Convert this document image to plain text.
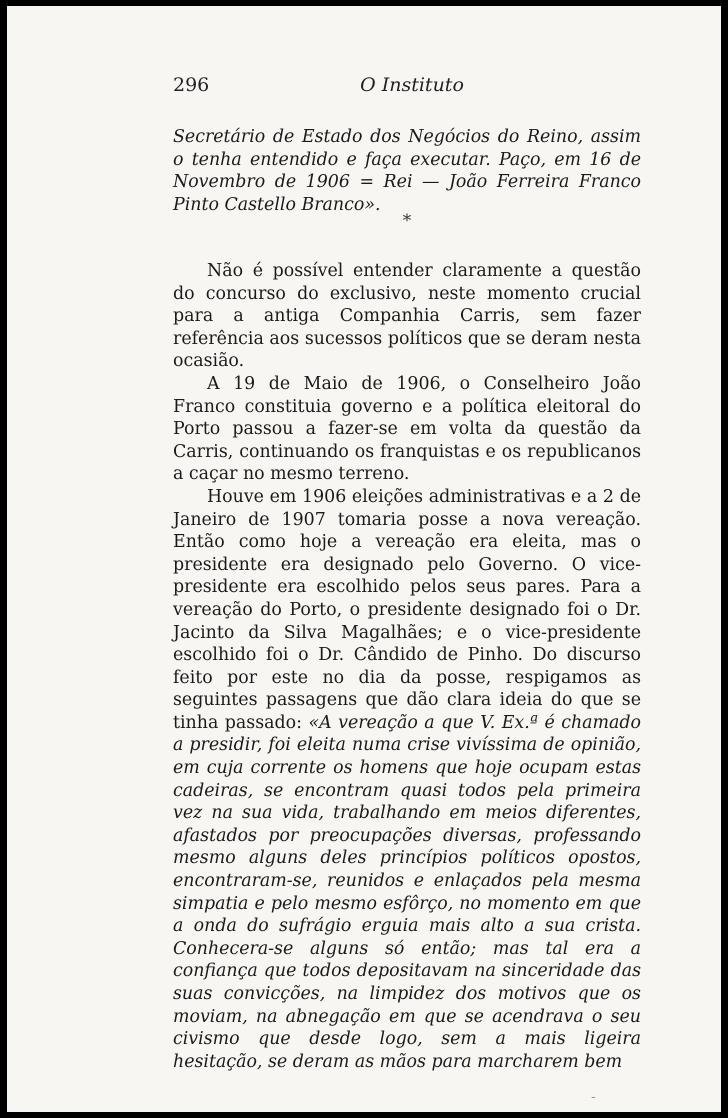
296	O Instituto

Secretário de Estado dos Negócios do Reino, assim o tenha entendido e faça executar. Paço, em 16 de Novembro de 1906 = Rei — João Ferreira Franco Pinto Castello Branco».

*

Não é possível entender claramente a questão do concurso do exclusivo, neste momento crucial para a antiga Companhia Carris, sem fazer referência aos sucessos políticos que se deram nesta ocasião.

A 19 de Maio de 1906, o Conselheiro João Franco constituia governo e a política eleitoral do Porto passou a fazer-se em volta da questão da Carris, continuando os franquistas e os republicanos a caçar no mesmo terreno.

Houve em 1906 eleições administrativas e a 2 de Janeiro de 1907 tomaria posse a nova vereação. Então como hoje a vereação era eleita, mas o presidente era designado pelo Governo. O vice-presidente era escolhido pelos seus pares. Para a vereação do Porto, o presidente designado foi o Dr. Jacinto da Silva Magalhães; e o vice-presidente escolhido foi o Dr. Cândido de Pinho. Do discurso feito por este no dia da posse, respigamos as seguintes passagens que dão clara ideia do que se tinha passado: «A vereação a que V. Ex.ª é chamado a presidir, foi eleita numa crise vivíssima de opinião, em cuja corrente os homens que hoje ocupam estas cadeiras, se encontram quasi todos pela primeira vez na sua vida, trabalhando em meios diferentes, afastados por preocupações diversas, professando mesmo alguns deles princípios políticos opostos, encontraram-se, reunidos e enlaçados pela mesma simpatia e pelo mesmo esfôrço, no momento em que a onda do sufrágio erguia mais alto a sua crista. Conhecera-se alguns só então; mas tal era a confiança que todos depositavam na sinceridade das suas convicções, na limpidez dos motivos que os moviam, na abnegação em que se acendrava o seu civismo que desde logo, sem a mais ligeira hesitação, se deram as mãos para marcharem bem

-
